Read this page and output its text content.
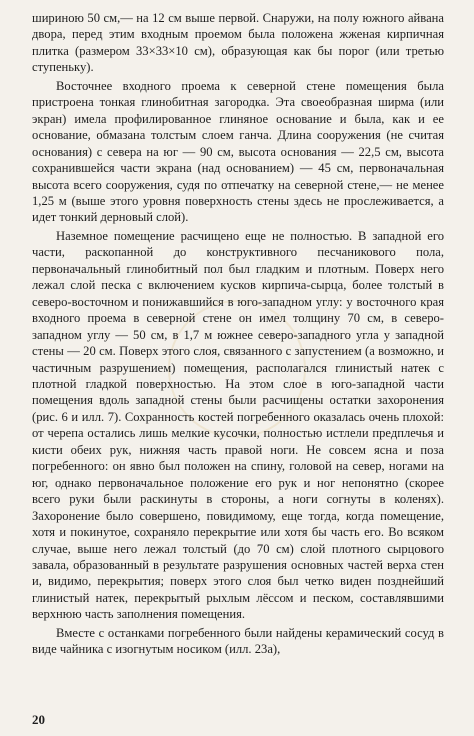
шириною 50 см,— на 12 см выше первой. Снаружи, на полу южного айвана двора, перед этим входным проемом была положена жженая кирпичная плитка (размером 33×33×10 см), образующая как бы порог (или третью ступеньку).

Восточнее входного проема к северной стене помещения была пристроена тонкая глинобитная загородка. Эта своеобразная ширма (или экран) имела профилированное глиняное основание и была, как и ее основание, обмазана толстым слоем ганча. Длина сооружения (не считая основания) с севера на юг — 90 см, высота основания — 22,5 см, высота сохранившейся части экрана (над основанием) — 45 см, первоначальная высота всего сооружения, судя по отпечатку на северной стене,— не менее 1,25 м (выше этого уровня поверхность стены здесь не прослеживается, а идет тонкий дерновый слой).

Наземное помещение расчищено еще не полностью. В западной его части, раскопанной до конструктивного песчаникового пола, первоначальный глинобитный пол был гладким и плотным. Поверх него лежал слой песка с включением кусков кирпича-сырца, более толстый в северо-восточном и понижавшийся в юго-западном углу: у восточного края входного проема в северной стене он имел толщину 70 см, в северо-западном углу — 50 см, в 1,7 м южнее северо-западного угла у западной стены — 20 см. Поверх этого слоя, связанного с запустением (а возможно, и частичным разрушением) помещения, располагался глинистый натек с плотной гладкой поверхностью. На этом слое в юго-западной части помещения вдоль западной стены были расчищены остатки захоронения (рис. 6 и илл. 7). Сохранность костей погребенного оказалась очень плохой: от черепа остались лишь мелкие кусочки, полностью истлели предплечья и кисти обеих рук, нижняя часть правой ноги. Не совсем ясна и поза погребенного: он явно был положен на спину, головой на север, ногами на юг, однако первоначальное положение его рук и ног непонятно (скорее всего руки были раскинуты в стороны, а ноги согнуты в коленях). Захоронение было совершено, повидимому, еще тогда, когда помещение, хотя и покинутое, сохраняло перекрытие или хотя бы часть его. Во всяком случае, выше него лежал толстый (до 70 см) слой плотного сырцового завала, образованный в результате разрушения основных частей верха стен и, видимо, перекрытия; поверх этого слоя был четко виден позднейший глинистый натек, перекрытый рыхлым лёссом и песком, составлявшими верхнюю часть заполнения помещения.

Вместе с останками погребенного были найдены керамический сосуд в виде чайника с изогнутым носиком (илл. 23а),

20
